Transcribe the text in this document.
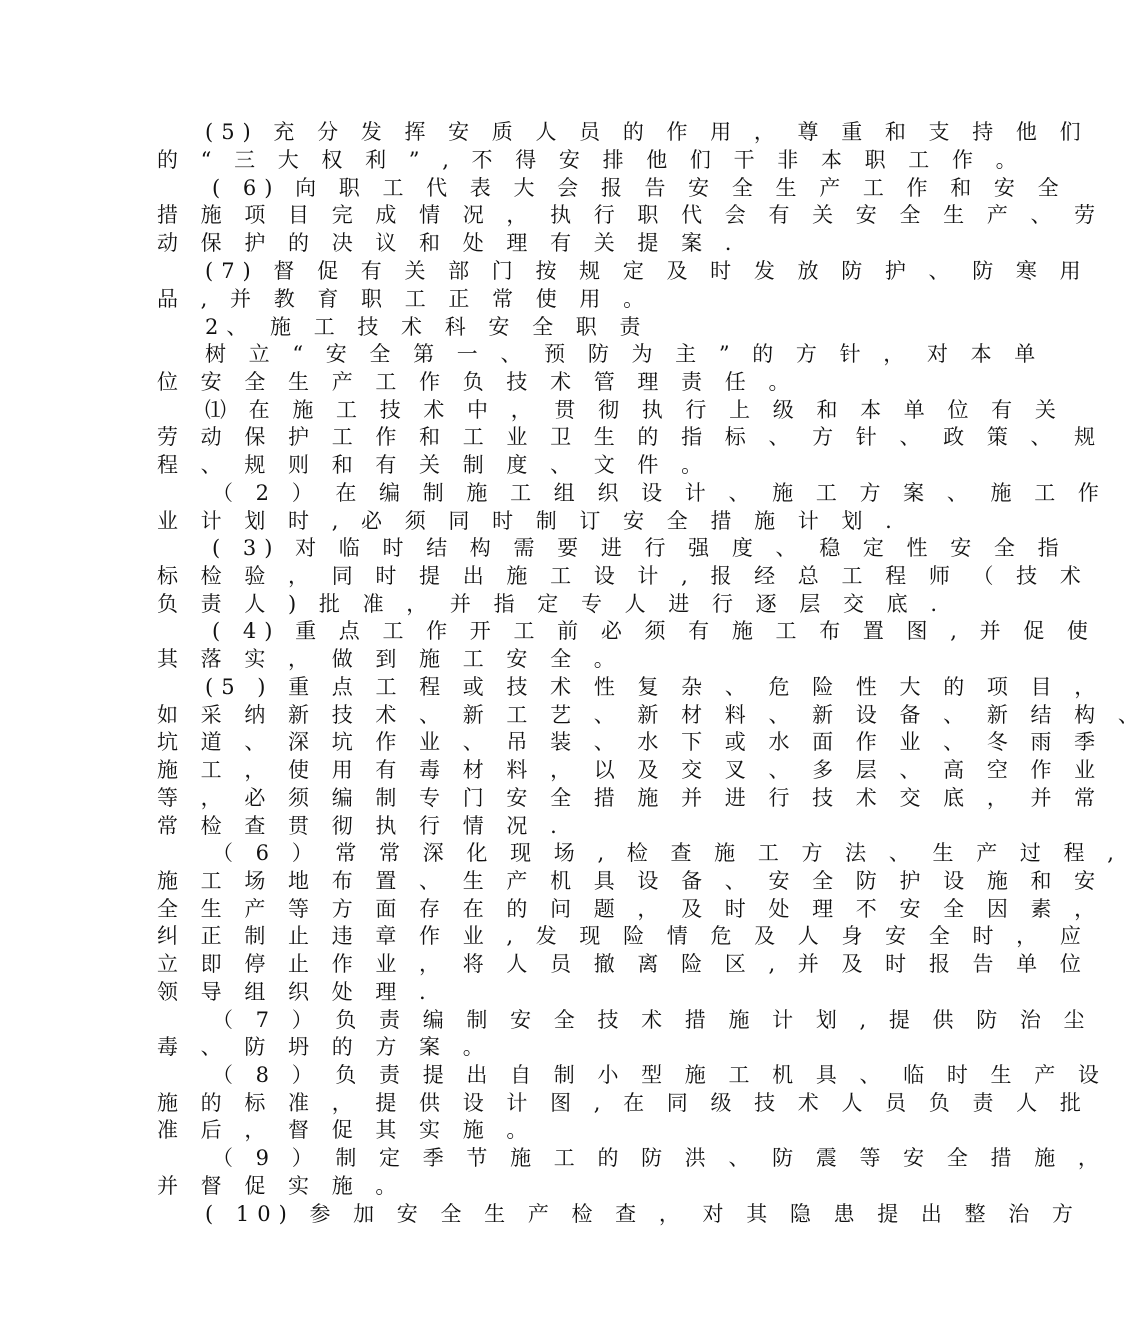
(5) 充 分 发 挥 安 质 人 员 的 作 用 ， 尊 重 和 支 持 他 们
的 “ 三 大 权 利 ” , 不 得 安 排 他 们 干 非 本 职 工 作 。
( 6) 向 职 工 代 表 大 会 报 告 安 全 生 产 工 作 和 安 全
措 施 项 目 完 成 情 况 ， 执 行 职 代 会 有 关 安 全 生 产 、 劳
动 保 护 的 决 议 和 处 理 有 关 提 案 .
(7) 督 促 有 关 部 门 按 规 定 及 时 发 放 防 护 、 防 寒 用
品 , 并 教 育 职 工 正 常 使 用 。
2、 施 工 技 术 科 安 全 职 责
树 立 “ 安 全 第 一 、 预 防 为 主 ” 的 方 针 ， 对 本 单
位 安 全 生 产 工 作 负 技 术 管 理 责 任 。
⑴ 在 施 工 技 术 中 ， 贯 彻 执 行 上 级 和 本 单 位 有 关
劳 动 保 护 工 作 和 工 业 卫 生 的 指 标 、 方 针 、 政 策 、 规
程 、 规 则 和 有 关 制 度 、 文 件 。
（ 2 ） 在 编 制 施 工 组 织 设 计 、 施 工 方 案 、 施 工 作
业 计 划 时 , 必 须 同 时 制 订 安 全 措 施 计 划 .
( 3) 对 临 时 结 构 需 要 进 行 强 度 、 稳 定 性 安 全 指
标 检 验 ， 同 时 提 出 施 工 设 计 , 报 经 总 工 程 师 （ 技 术
负 责 人 ) 批 准 ， 并 指 定 专 人 进 行 逐 层 交 底 .
( 4) 重 点 工 作 开 工 前 必 须 有 施 工 布 置 图 , 并 促 使
其 落 实 ， 做 到 施 工 安 全 。
(5 ) 重 点 工 程 或 技 术 性 复 杂 、 危 险 性 大 的 项 目 ，
如 采 纳 新 技 术 、 新 工 艺 、 新 材 料 、 新 设 备 、 新 结 构 、
坑 道 、 深 坑 作 业 、 吊 装 、 水 下 或 水 面 作 业 、 冬 雨 季
施 工 ， 使 用 有 毒 材 料 ， 以 及 交 叉 、 多 层 、 高 空 作 业
等 ， 必 须 编 制 专 门 安 全 措 施 并 进 行 技 术 交 底 ， 并 常
常 检 查 贯 彻 执 行 情 况 .
（ 6 ） 常 常 深 化 现 场 , 检 查 施 工 方 法 、 生 产 过 程 ,
施 工 场 地 布 置 、 生 产 机 具 设 备 、 安 全 防 护 设 施 和 安
全 生 产 等 方 面 存 在 的 问 题 ， 及 时 处 理 不 安 全 因 素 ，
纠 正 制 止 违 章 作 业 , 发 现 险 情 危 及 人 身 安 全 时 ， 应
立 即 停 止 作 业 ， 将 人 员 撤 离 险 区 , 并 及 时 报 告 单 位
领 导 组 织 处 理 .
（ 7 ） 负 责 编 制 安 全 技 术 措 施 计 划 , 提 供 防 治 尘
毒 、 防 坍 的 方 案 。
（ 8 ） 负 责 提 出 自 制 小 型 施 工 机 具 、 临 时 生 产 设
施 的 标 准 ， 提 供 设 计 图 , 在 同 级 技 术 人 员 负 责 人 批
准 后 ， 督 促 其 实 施 。
（ 9 ） 制 定 季 节 施 工 的 防 洪 、 防 震 等 安 全 措 施 ，
并 督 促 实 施 。
( 10) 参 加 安 全 生 产 检 查 ， 对 其 隐 患 提 出 整 治 方
